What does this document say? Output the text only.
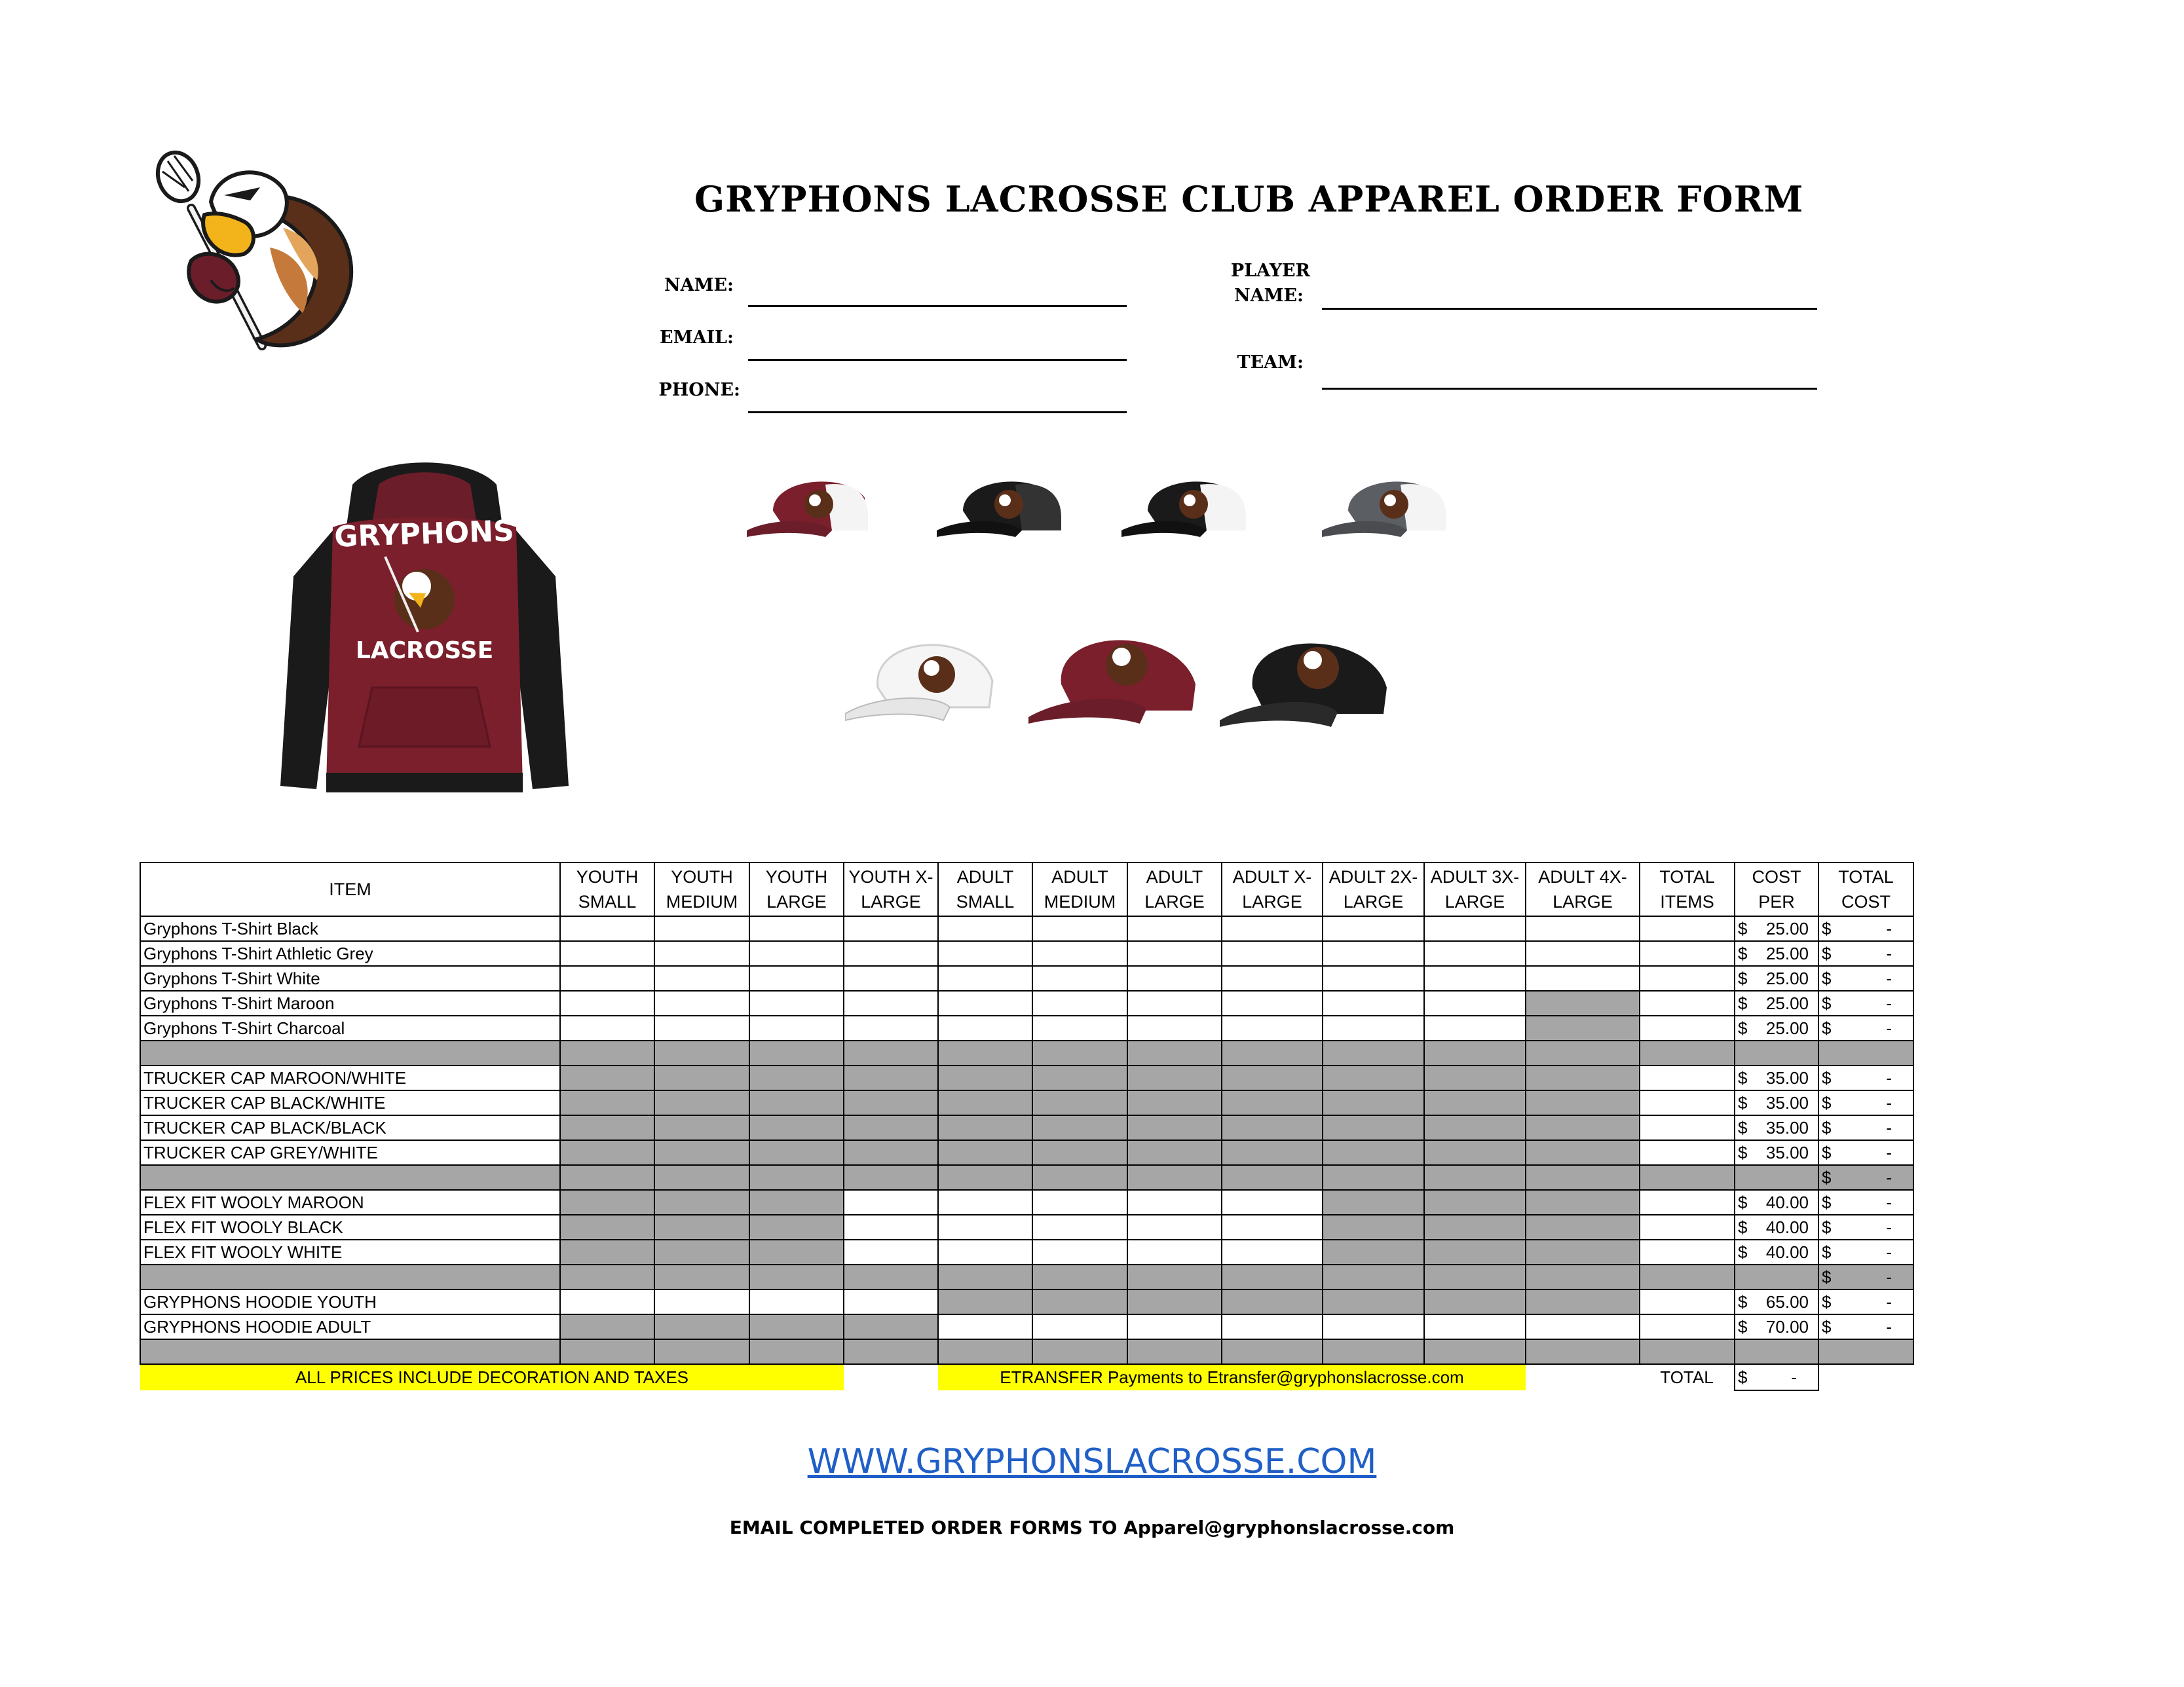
GRYPHONS LACROSSE CLUB APPAREL ORDER FORM
NAME:
EMAIL:
PHONE:
PLAYER
NAME:
TEAM:
GRYPHONS
LACROSSE
ITEM	YOUTH SMALL	YOUTH MEDIUM	YOUTH LARGE	YOUTH X-LARGE	ADULT SMALL	ADULT MEDIUM	ADULT LARGE	ADULT X-LARGE	ADULT 2X-LARGE	ADULT 3X-LARGE	ADULT 4X-LARGE	TOTAL ITEMS	COST PER	TOTAL COST
Gryphons T-Shirt Black													$ 25.00	$ -

Gryphons T-Shirt Athletic Grey													$ 25.00	$ -

Gryphons T-Shirt White													$ 25.00	$ -

Gryphons T-Shirt Maroon													$ 25.00	$ -

Gryphons T-Shirt Charcoal													$ 25.00	$ -

TRUCKER CAP MAROON/WHITE													$ 35.00	$ -

TRUCKER CAP BLACK/WHITE													$ 35.00	$ -

TRUCKER CAP BLACK/BLACK													$ 35.00	$ -

TRUCKER CAP GREY/WHITE													$ 35.00	$ -

														$ -

FLEX FIT WOOLY MAROON													$ 40.00	$ -

FLEX FIT WOOLY BLACK													$ 40.00	$ -

FLEX FIT WOOLY WHITE													$ 40.00	$ -

														$ -

GRYPHONS HOODIE YOUTH													$ 65.00	$ -

GRYPHONS HOODIE ADULT													$ 70.00	$ -

ALL PRICES INCLUDE DECORATION AND TAXES					ETRANSFER Payments to Etransfer@gryphonslacrosse.com							TOTAL	$ -	
WWW.GRYPHONSLACROSSE.COM
EMAIL COMPLETED ORDER FORMS TO Apparel@gryphonslacrosse.com
